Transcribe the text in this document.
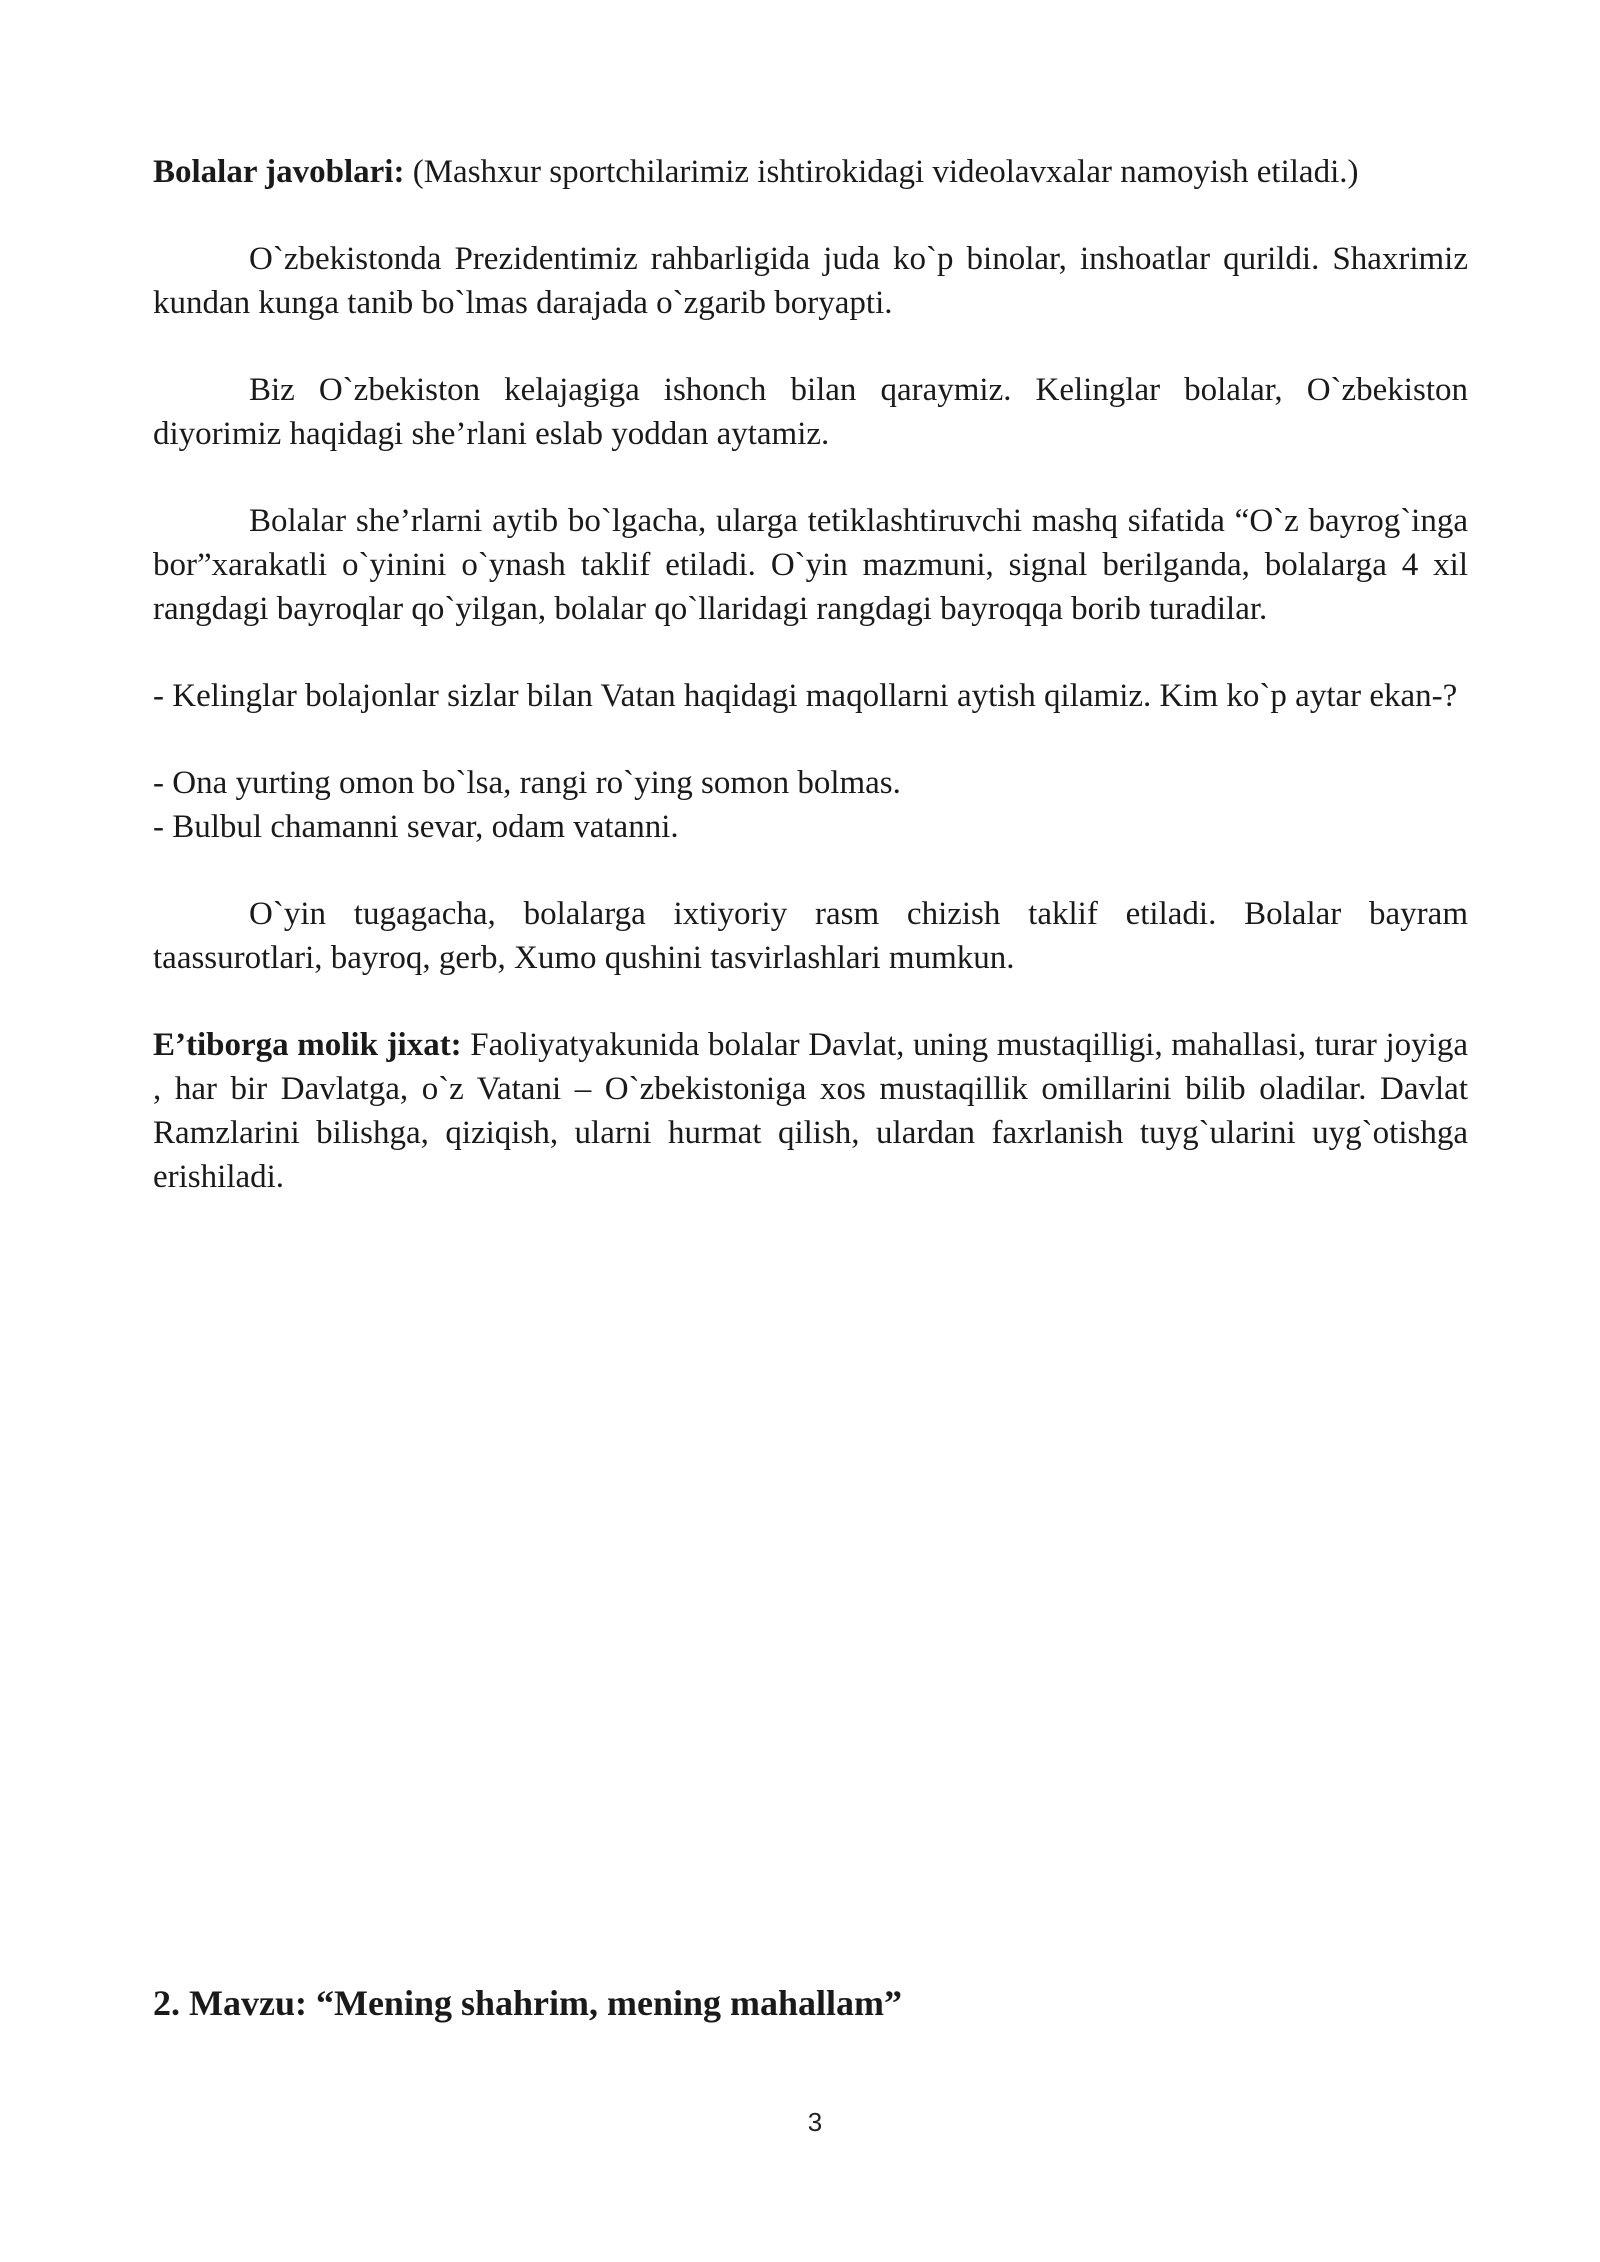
Bolalar javoblari: (Mashxur sportchilarimiz ishtirokidagi videolavxalar namoyish etiladi.)

O`zbekistonda Prezidentimiz rahbarligida juda ko`p binolar, inshoatlar qurildi. Shaxrimiz kundan kunga tanib bo`lmas darajada o`zgarib boryapti.

Biz O`zbekiston kelajagiga ishonch bilan qaraymiz. Kelinglar bolalar, O`zbekiston diyorimiz haqidagi she’rlani eslab yoddan aytamiz.

Bolalar she’rlarni aytib bo`lgacha, ularga tetiklashtiruvchi mashq sifatida “O`z bayrog`inga bor”xarakatli o`yinini o`ynash taklif etiladi. O`yin mazmuni, signal berilganda, bolalarga 4 xil rangdagi bayroqlar qo`yilgan, bolalar qo`llaridagi rangdagi bayroqqa borib turadilar.

- Kelinglar bolajonlar sizlar bilan Vatan haqidagi maqollarni aytish qilamiz. Kim ko`p aytar ekan-?

- Ona yurting omon bo`lsa, rangi ro`ying somon bolmas.

- Bulbul chamanni sevar, odam vatanni.

O`yin tugagacha, bolalarga ixtiyoriy rasm chizish taklif etiladi. Bolalar bayram taassurotlari, bayroq, gerb, Xumo qushini tasvirlashlari mumkun.

E’tiborga molik jixat: Faoliyatyakunida bolalar Davlat, uning mustaqilligi, mahallasi, turar joyiga , har bir Davlatga, o`z Vatani – O`zbekistoniga xos mustaqillik omillarini bilib oladilar. Davlat Ramzlarini bilishga, qiziqish, ularni hurmat qilish, ulardan faxrlanish tuyg`ularini uyg`otishga erishiladi.

2. Mavzu: “Mening shahrim, mening mahallam”
3
